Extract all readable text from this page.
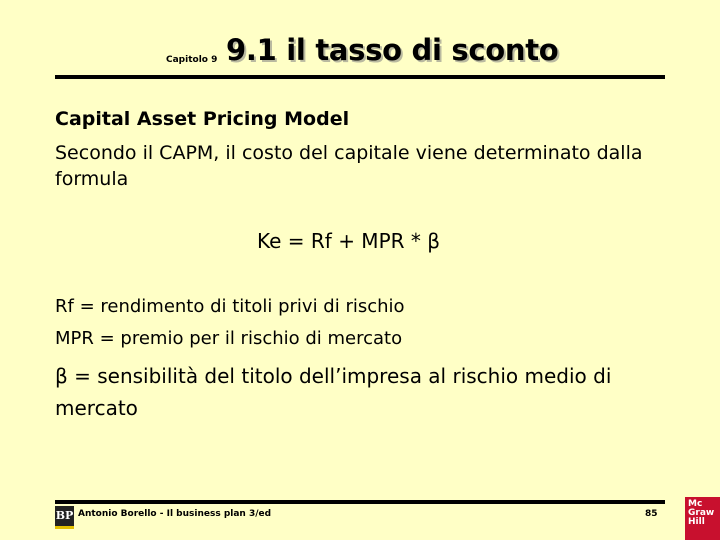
Capitolo 9 9.1 il tasso di sconto
Capital Asset Pricing Model
Secondo il CAPM, il costo del capitale viene determinato dalla formula
Ke = Rf + MPR * β
Rf = rendimento di titoli privi di rischio
MPR = premio per il rischio di mercato
β = sensibilità del titolo dell’impresa al rischio medio di mercato
BP Antonio Borello - Il business plan 3/ed	85
Mc
Graw
Hill
